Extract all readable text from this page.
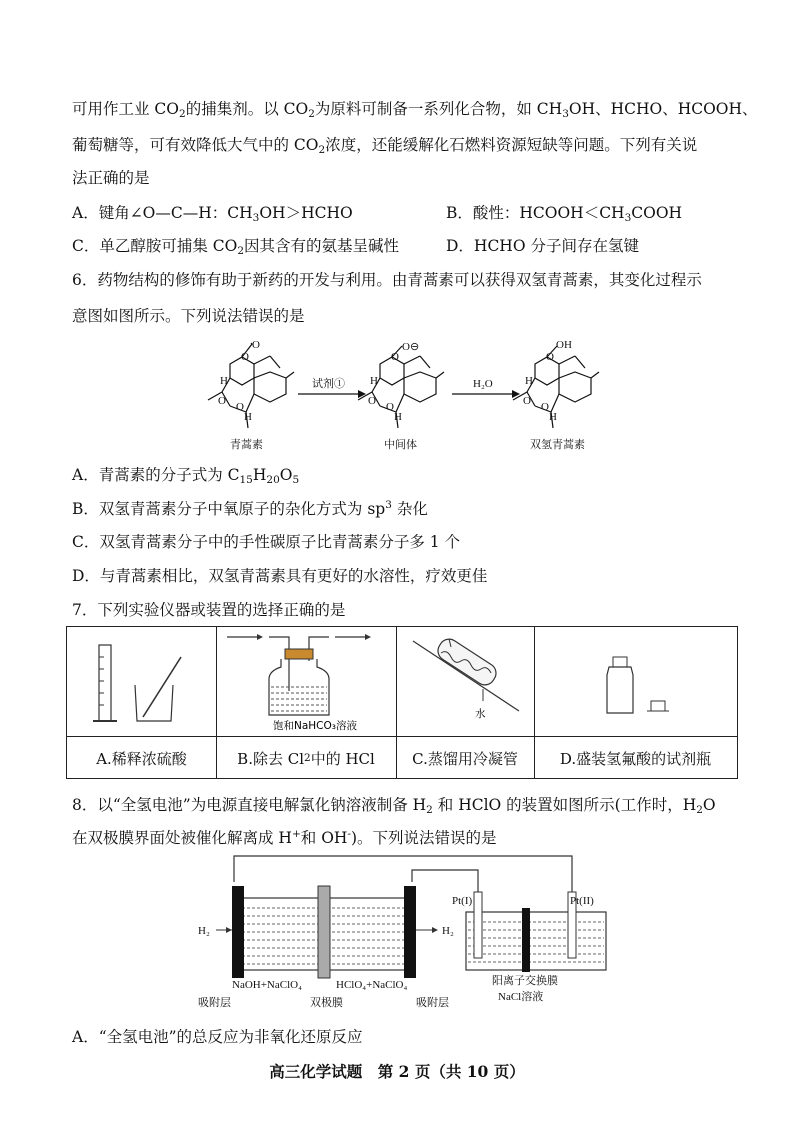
可用作工业 $CO_2$的捕集剂。以 $CO_2$为原料可制备一系列化合物，如 $CH_3OH$、HCHO、HCOOH、
葡萄糖等，可有效降低大气中的 $CO_2$浓度，还能缓解化石燃料资源短缺等问题。下列有关说
法正确的是
A．键角∠O—C—H：$CH_3OH>HCHO$	B．酸性：$HCOOH<CH_3COOH$
C．单乙醇胺可捕集 $CO_2$因其含有的氨基呈碱性	D．HCHO 分子间存在氢键
6．药物结构的修饰有助于新药的开发与利用。由青蒿素可以获得双氢青蒿素，其变化过程示
意图如图所示。下列说法错误的是
O
O
H
O O
H
青蒿素
试剂①
O
O⊖
H
O O
H
中间体
H₂O
O
OH
H
O O
H
双氢青蒿素
A．青蒿素的分子式为 $C_{15}H_{20}O_5$
B．双氢青蒿素分子中氧原子的杂化方式为 $sp^3$ 杂化
C．双氢青蒿素分子中的手性碳原子比青蒿素分子多 1 个
D．与青蒿素相比，双氢青蒿素具有更好的水溶性，疗效更佳
7．下列实验仪器或装置的选择正确的是
饱和NaHCO₃溶液
水
A.稀释浓硫酸	B.除去 Cl 2 中的 HCl	C.蒸馏用冷凝管	D.盛装氢氟酸的试剂瓶
8．以“全氢电池”为电源直接电解氯化钠溶液制备 $H_2$ 和 HClO 的装置如图所示(工作时，$H_2O$
在双极膜界面处被催化解离成 H+和 OH-)。下列说法错误的是
H₂	H₂
NaOH+NaClO₄	HClO₄+NaClO₄
吸附层	双极膜	吸附层
Pt(I)	Pt(II)
阳离子交换膜
NaCl溶液
A．“全氢电池”的总反应为非氧化还原反应
高三化学试题　第 2 页（共 10 页）
